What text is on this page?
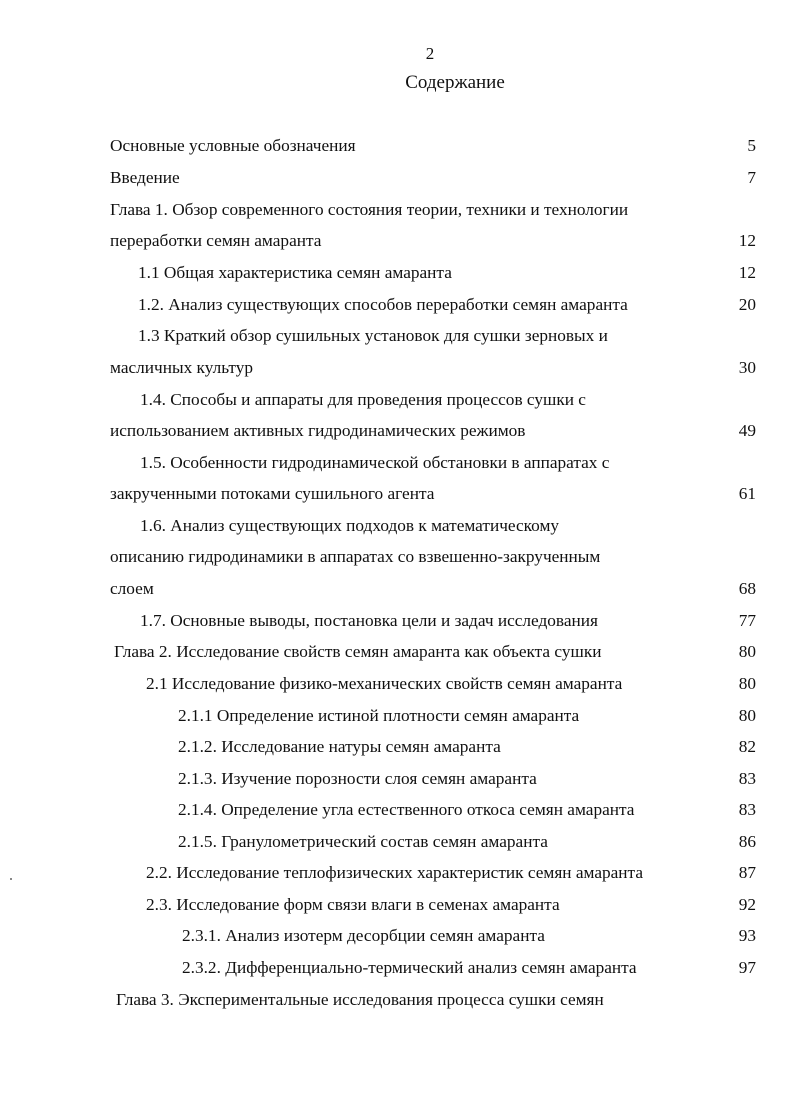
2
Содержание
Основные условные обозначения	5
Введение	7
Глава 1. Обзор современного состояния теории, техники и технологии
переработки семян амаранта	12
1.1 Общая характеристика семян амаранта	12
1.2. Анализ существующих способов переработки семян амаранта	20
1.3 Краткий обзор сушильных установок для сушки зерновых и
масличных культур	30
1.4. Способы и аппараты для проведения процессов сушки с
использованием активных гидродинамических режимов	49
1.5. Особенности гидродинамической обстановки в аппаратах с
закрученными потоками сушильного агента	61
1.6. Анализ существующих подходов к математическому
описанию гидродинамики в аппаратах со взвешенно-закрученным
слоем	68
1.7. Основные выводы, постановка цели и задач исследования	77
Глава 2. Исследование свойств семян амаранта как объекта сушки	80
2.1 Исследование физико-механических свойств семян амаранта	80
2.1.1 Определение истиной плотности семян амаранта	80
2.1.2. Исследование натуры семян амаранта	82
2.1.3. Изучение порозности слоя семян амаранта	83
2.1.4. Определение угла естественного откоса семян амаранта	83
2.1.5. Гранулометрический состав семян амаранта	86
2.2. Исследование теплофизических характеристик семян амаранта	87
2.3. Исследование форм связи влаги в семенах амаранта	92
2.3.1. Анализ изотерм десорбции семян амаранта	93
2.3.2. Дифференциально-термический анализ семян амаранта	97
Глава 3. Экспериментальные исследования процесса сушки семян
